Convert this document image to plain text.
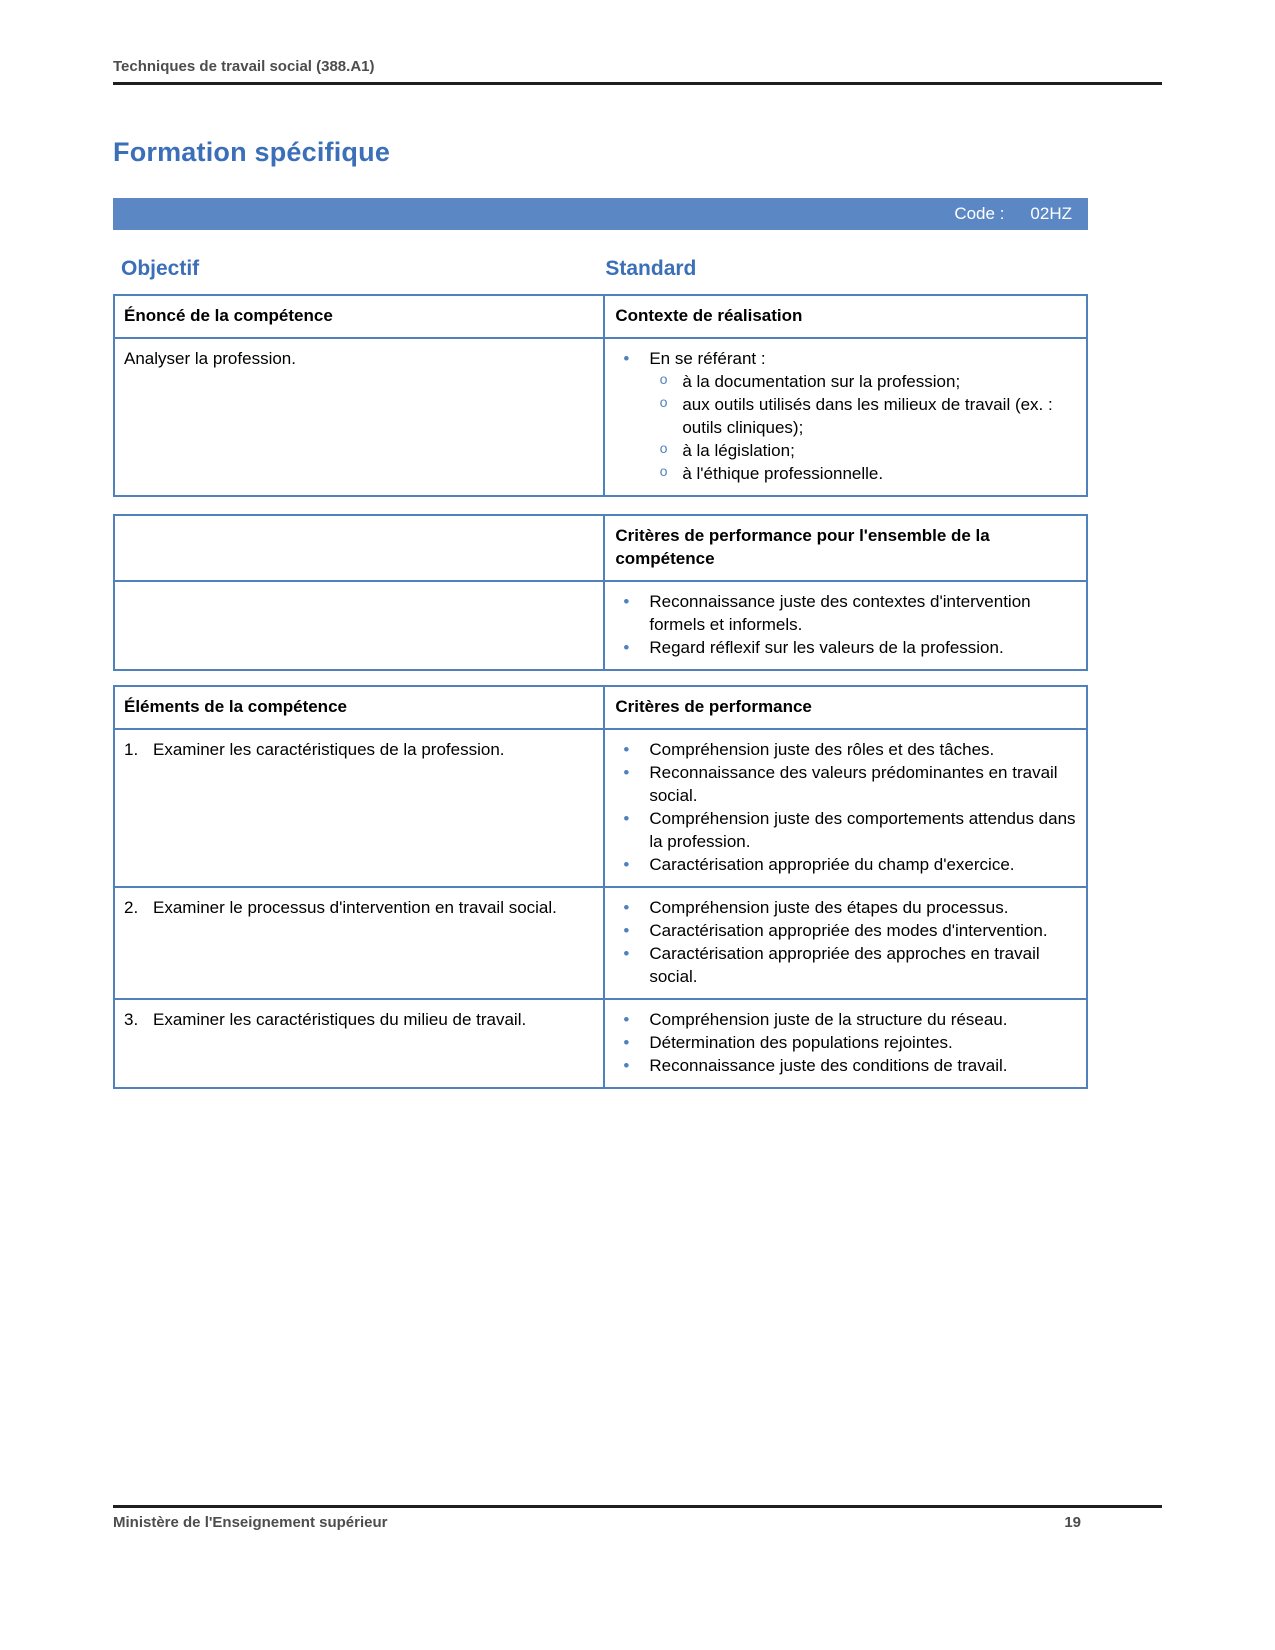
Techniques de travail social (388.A1)
Formation spécifique
Code : 02HZ
Objectif	Standard
Énoncé de la compétence	Contexte de réalisation
Analyser la profession. •	En se référant :
o
à la documentation sur la profession;
o
aux outils utilisés dans les milieux de travail (ex. : outils cliniques);
o
à la législation;
o
à l'éthique professionnelle.
Critères de performance pour l'ensemble de la compétence
•
Reconnaissance juste des contextes d'intervention formels et informels.
•
Regard réflexif sur les valeurs de la profession.
Éléments de la compétence	Critères de performance
1. Examiner les caractéristiques de la profession. •	Compréhension juste des rôles et des tâches.
•
Reconnaissance des valeurs prédominantes en travail social.
•
Compréhension juste des comportements attendus dans la profession.
•
Caractérisation appropriée du champ d'exercice.
2. Examiner le processus d'intervention en travail social. •	Compréhension juste des étapes du processus.
•
Caractérisation appropriée des modes d'intervention.
•
Caractérisation appropriée des approches en travail social.
3. Examiner les caractéristiques du milieu de travail. •	Compréhension juste de la structure du réseau.
•
Détermination des populations rejointes.
•
Reconnaissance juste des conditions de travail.
Ministère de l'Enseignement supérieur	19
